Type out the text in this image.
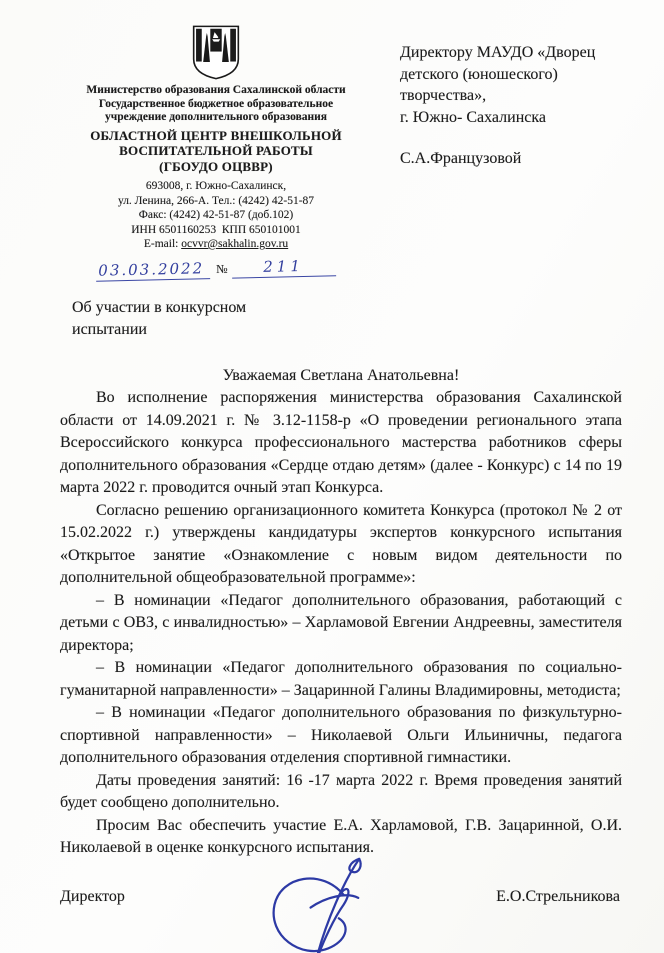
Министерство образования Сахалинской области
Государственное бюджетное образовательное
учреждение дополнительного образования
ОБЛАСТНОЙ ЦЕНТР ВНЕШКОЛЬНОЙ
ВОСПИТАТЕЛЬНОЙ РАБОТЫ
(ГБОУДО ОЦВВР)
693008, г. Южно-Сахалинск,
ул. Ленина, 266-А. Тел.: (4242) 42-51-87
Факс: (4242) 42-51-87 (доб.102)
ИНН 6501160253  КПП 650101001
E-mail: ocvvr@sakhalin.gov.ru
03.03.2022 № 211
Директору МАУДО «Дворец
детского (юношеского) творчества»,
г. Южно- Сахалинска
С.А.Французовой
Об участии в конкурсном испытании
Уважаемая Светлана Анатольевна!

Во исполнение распоряжения министерства образования Сахалинской области от 14.09.2021 г. № 3.12-1158-р «О проведении регионального этапа Всероссийского конкурса профессионального мастерства работников сферы дополнительного образования «Сердце отдаю детям» (далее - Конкурс) с 14 по 19 марта 2022 г. проводится очный этап Конкурса.

Согласно решению организационного комитета Конкурса (протокол № 2 от 15.02.2022 г.) утверждены кандидатуры экспертов конкурсного испытания «Открытое занятие «Ознакомление с новым видом деятельности по дополнительной общеобразовательной программе»:

– В номинации «Педагог дополнительного образования, работающий с детьми с ОВЗ, с инвалидностью» – Харламовой Евгении Андреевны, заместителя директора;

– В номинации «Педагог дополнительного образования по социально-гуманитарной направленности» – Зацаринной Галины Владимировны, методиста;

– В номинации «Педагог дополнительного образования по физкультурно-спортивной направленности» – Николаевой Ольги Ильиничны, педагога дополнительного образования отделения спортивной гимнастики.

Даты проведения занятий: 16 -17 марта 2022 г. Время проведения занятий будет сообщено дополнительно.

Просим Вас обеспечить участие Е.А. Харламовой, Г.В. Зацаринной, О.И. Николаевой в оценке конкурсного испытания.

Директор	Е.О.Стрельникова
